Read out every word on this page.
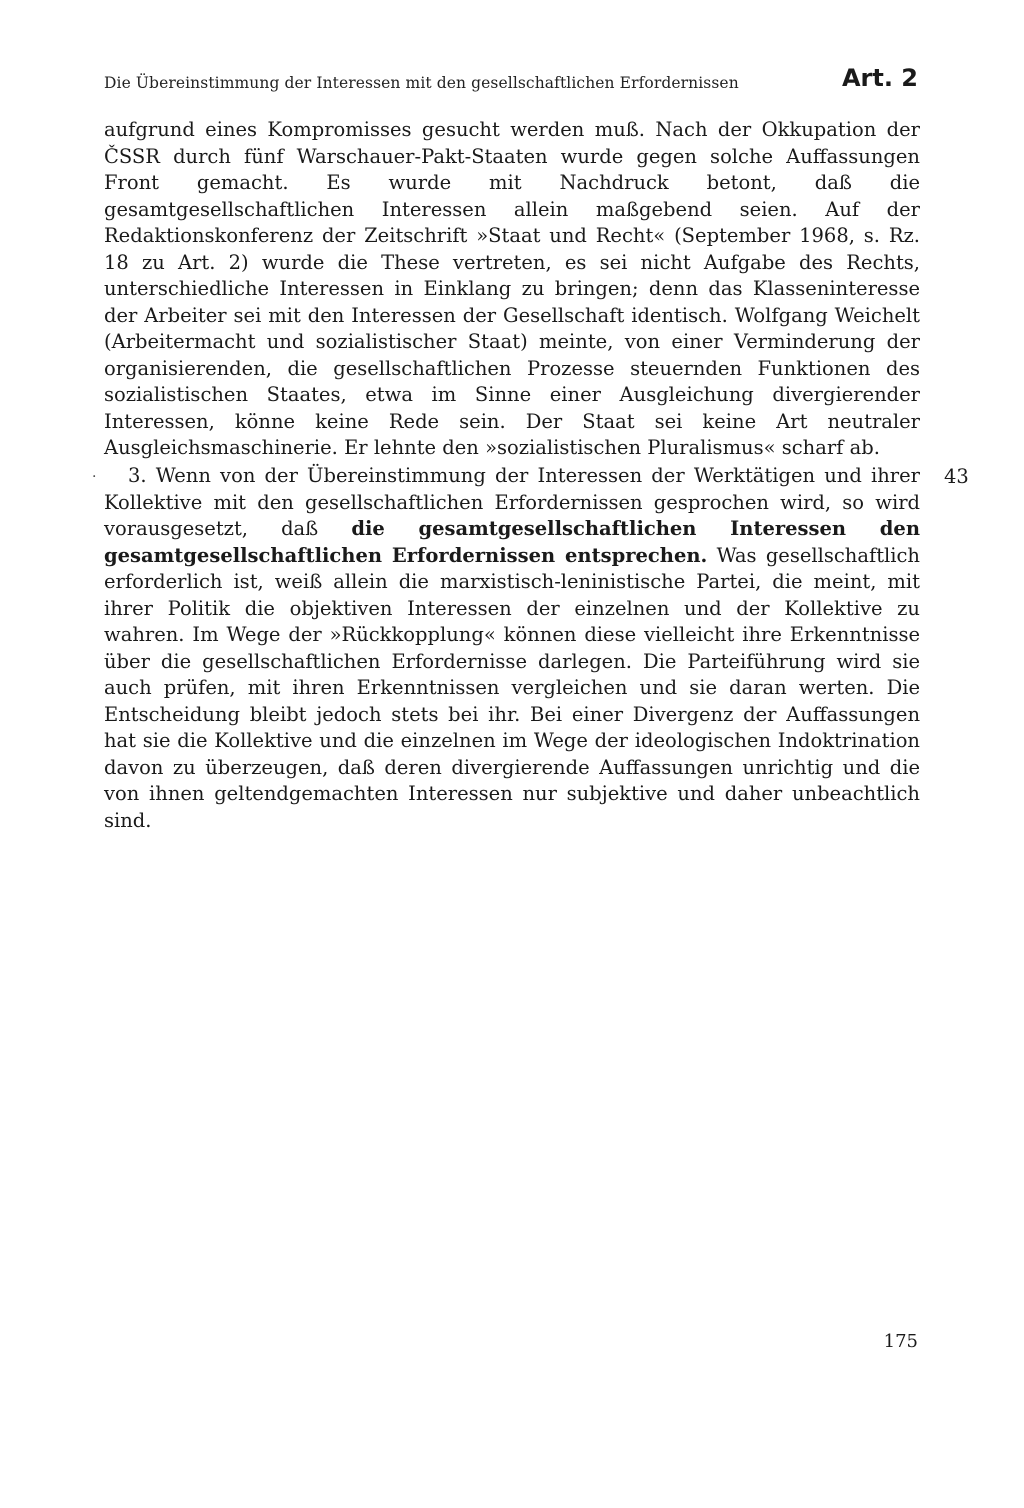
Die Übereinstimmung der Interessen mit den gesellschaftlichen Erfordernissen	Art. 2

aufgrund eines Kompromisses gesucht werden muß. Nach der Okkupation der ČSSR durch fünf Warschauer-Pakt-Staaten wurde gegen solche Auffassungen Front gemacht. Es wurde mit Nachdruck betont, daß die gesamtgesellschaftlichen Interessen allein maßgebend seien. Auf der Redaktionskonferenz der Zeitschrift »Staat und Recht« (September 1968, s. Rz. 18 zu Art. 2) wurde die These vertreten, es sei nicht Aufgabe des Rechts, unterschiedliche Interessen in Einklang zu bringen; denn das Klasseninteresse der Arbeiter sei mit den Interessen der Gesellschaft identisch. Wolfgang Weichelt (Arbeitermacht und sozialistischer Staat) meinte, von einer Verminderung der organisierenden, die gesellschaftlichen Prozesse steuernden Funktionen des sozialistischen Staates, etwa im Sinne einer Ausgleichung divergierender Interessen, könne keine Rede sein. Der Staat sei keine Art neutraler Ausgleichsmaschinerie. Er lehnte den »sozialistischen Pluralismus« scharf ab.

·	43

3. Wenn von der Übereinstimmung der Interessen der Werktätigen und ihrer Kollektive mit den gesellschaftlichen Erfordernissen gesprochen wird, so wird vorausgesetzt, daß die gesamtgesellschaftlichen Interessen den gesamtgesellschaftlichen Erfordernissen entsprechen. Was gesellschaftlich erforderlich ist, weiß allein die marxistisch-leninistische Partei, die meint, mit ihrer Politik die objektiven Interessen der einzelnen und der Kollektive zu wahren. Im Wege der »Rückkopplung« können diese vielleicht ihre Erkenntnisse über die gesellschaftlichen Erfordernisse darlegen. Die Parteiführung wird sie auch prüfen, mit ihren Erkenntnissen vergleichen und sie daran werten. Die Entscheidung bleibt jedoch stets bei ihr. Bei einer Divergenz der Auffassungen hat sie die Kollektive und die einzelnen im Wege der ideologischen Indoktrination davon zu überzeugen, daß deren divergierende Auffassungen unrichtig und die von ihnen geltendgemachten Interessen nur subjektive und daher unbeachtlich sind.

175
